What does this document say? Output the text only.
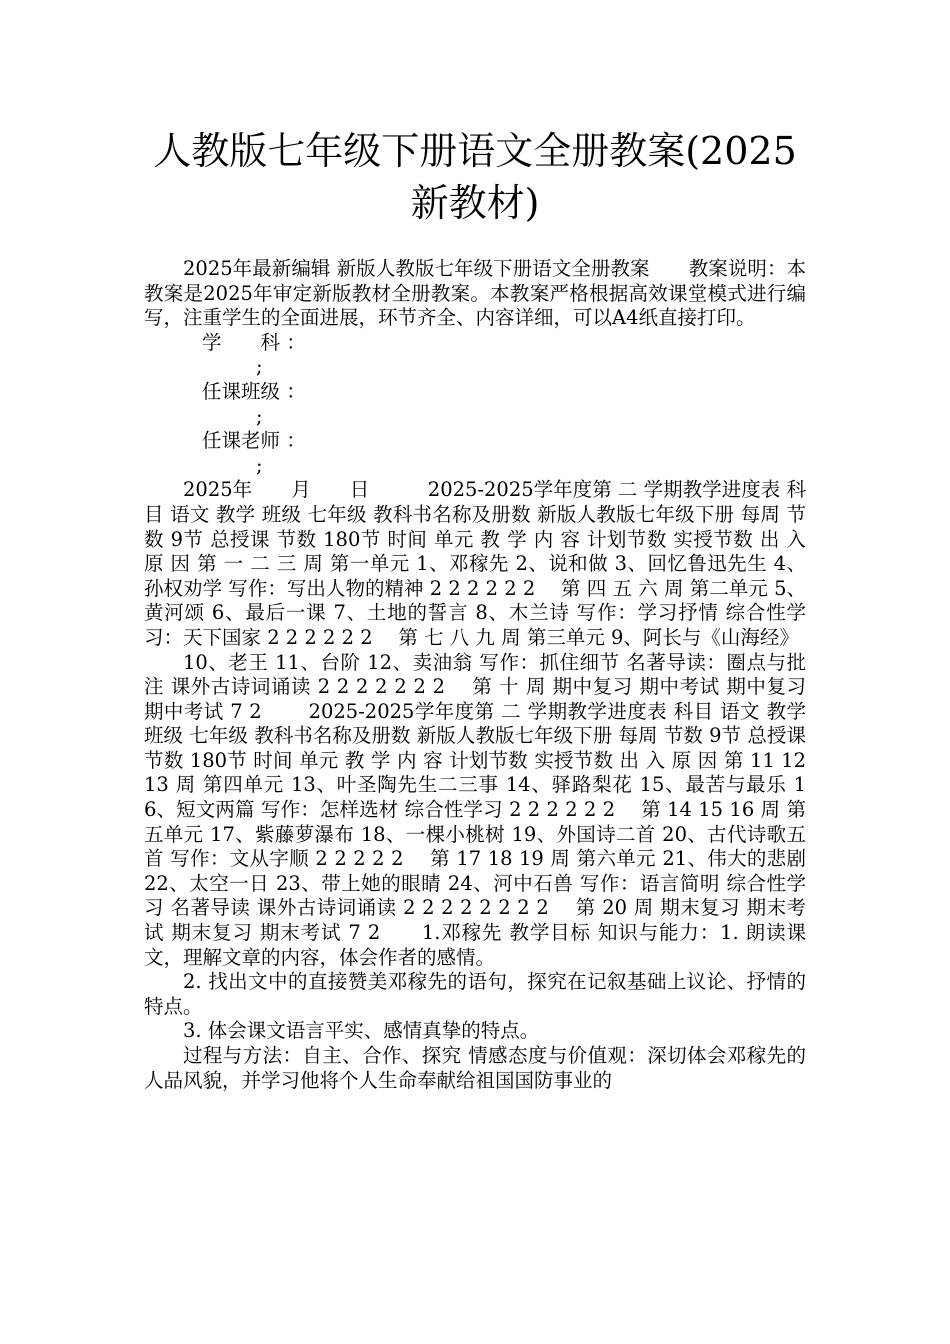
人教版七年级下册语文全册教案(2025新教材)

2025年最新编辑 新版人教版七年级下册语文全册教案　　教案说明：本教案是2025年审定新版教材全册教案。本教案严格根据高效课堂模式进行编写，注重学生的全面进展，环节齐全、内容详细，可以A4纸直接打印。

学　　科 ：

;

任课班级 ：

;

任课老师 ：

;

2025年　　月　　日　　　2025-2025学年度第 二 学期教学进度表 科目 语文 教学 班级 七年级 教科书名称及册数 新版人教版七年级下册 每周 节数 9节 总授课 节数 180节 时间 单元 教 学 内 容 计划节数 实授节数 出 入 原 因 第 一 二 三 周 第一单元 1、邓稼先 2、说和做 3、回忆鲁迅先生 4、孙权劝学 写作：写出人物的精神 2 2 2 2 2 2　 第 四 五 六 周 第二单元 5、黄河颂 6、最后一课 7、土地的誓言 8、木兰诗 写作：学习抒情 综合性学习：天下国家 2 2 2 2 2 2　 第 七 八 九 周 第三单元 9、阿长与《山海经》

10、老王 11、台阶 12、卖油翁 写作：抓住细节 名著导读：圈点与批注 课外古诗词诵读 2 2 2 2 2 2 2　 第 十 周 期中复习 期中考试 期中复习 期中考试 7 2　　 2025-2025学年度第 二 学期教学进度表 科目 语文 教学 班级 七年级 教科书名称及册数 新版人教版七年级下册 每周 节数 9节 总授课 节数 180节 时间 单元 教 学 内 容 计划节数 实授节数 出 入 原 因 第 11 12 13 周 第四单元 13、叶圣陶先生二三事 14、驿路梨花 15、最苦与最乐 16、短文两篇 写作：怎样选材 综合性学习 2 2 2 2 2 2　 第 14 15 16 周 第五单元 17、紫藤萝瀑布 18、一棵小桃树 19、外国诗二首 20、古代诗歌五首 写作：文从字顺 2 2 2 2 2　 第 17 18 19 周 第六单元 21、伟大的悲剧 22、太空一日 23、带上她的眼睛 24、河中石兽 写作：语言简明 综合性学习 名著导读 课外古诗词诵读 2 2 2 2 2 2 2 2　 第 20 周 期末复习 期末考试 期末复习 期末考试 7 2　　1.邓稼先 教学目标 知识与能力：1. 朗读课文，理解文章的内容，体会作者的感情。

2. 找出文中的直接赞美邓稼先的语句，探究在记叙基础上议论、抒情的特点。

3. 体会课文语言平实、感情真挚的特点。

过程与方法：自主、合作、探究 情感态度与价值观：深切体会邓稼先的人品风貌，并学习他将个人生命奉献给祖国国防事业的
